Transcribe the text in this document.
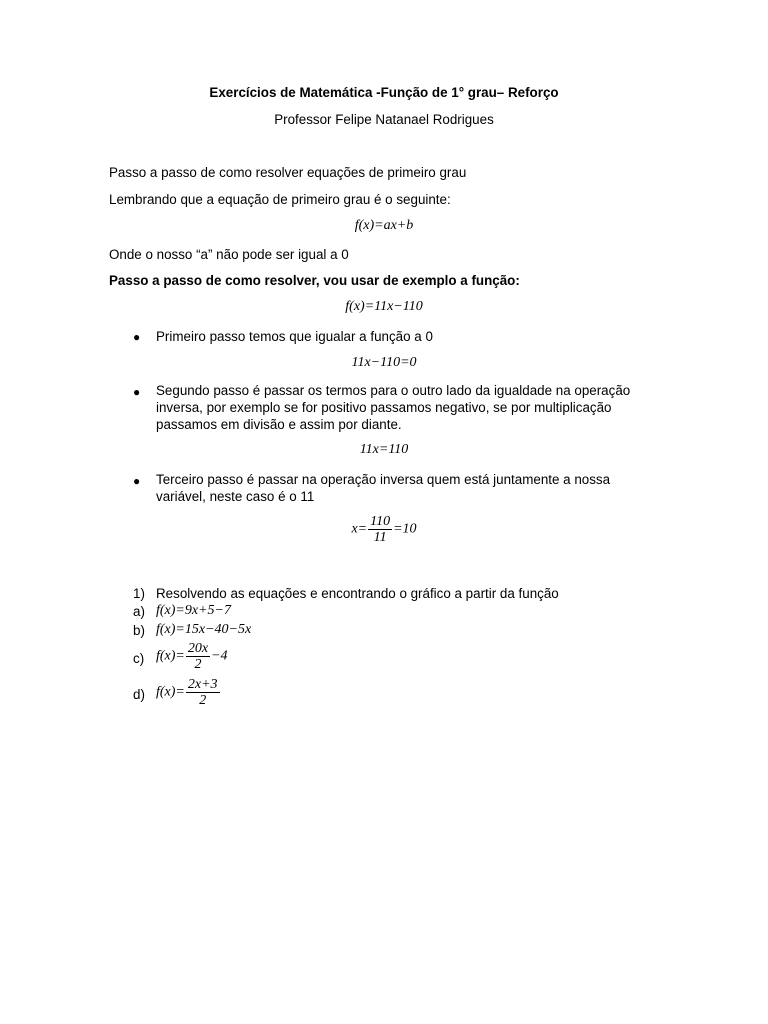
Exercícios de Matemática -Função de 1° grau– Reforço
Professor Felipe Natanael Rodrigues
Passo a passo de como resolver equações de primeiro grau
Lembrando que a equação de primeiro grau é o seguinte:
f(x)=ax+b
Onde o nosso “a” não pode ser igual a 0
Passo a passo de como resolver, vou usar de exemplo a função:
f(x)=11x−110
● Primeiro passo temos que igualar a função a 0
11x−110=0
● Segundo passo é passar os termos para o outro lado da igualdade na operação inversa, por exemplo se for positivo passamos negativo, se por multiplicação passamos em divisão e assim por diante.
11x=110
● Terceiro passo é passar na operação inversa quem está juntamente a nossa variável, neste caso é o 11
$x= \frac{110}{11} =10$
1) Resolvendo as equações e encontrando o gráfico a partir da função
a) f(x)=9x+5−7
b) f(x)=15x−40−5x
c) $f(x)= \frac{20x}{2} -4$
d) $f(x)= \frac{2x+3}{2}$
